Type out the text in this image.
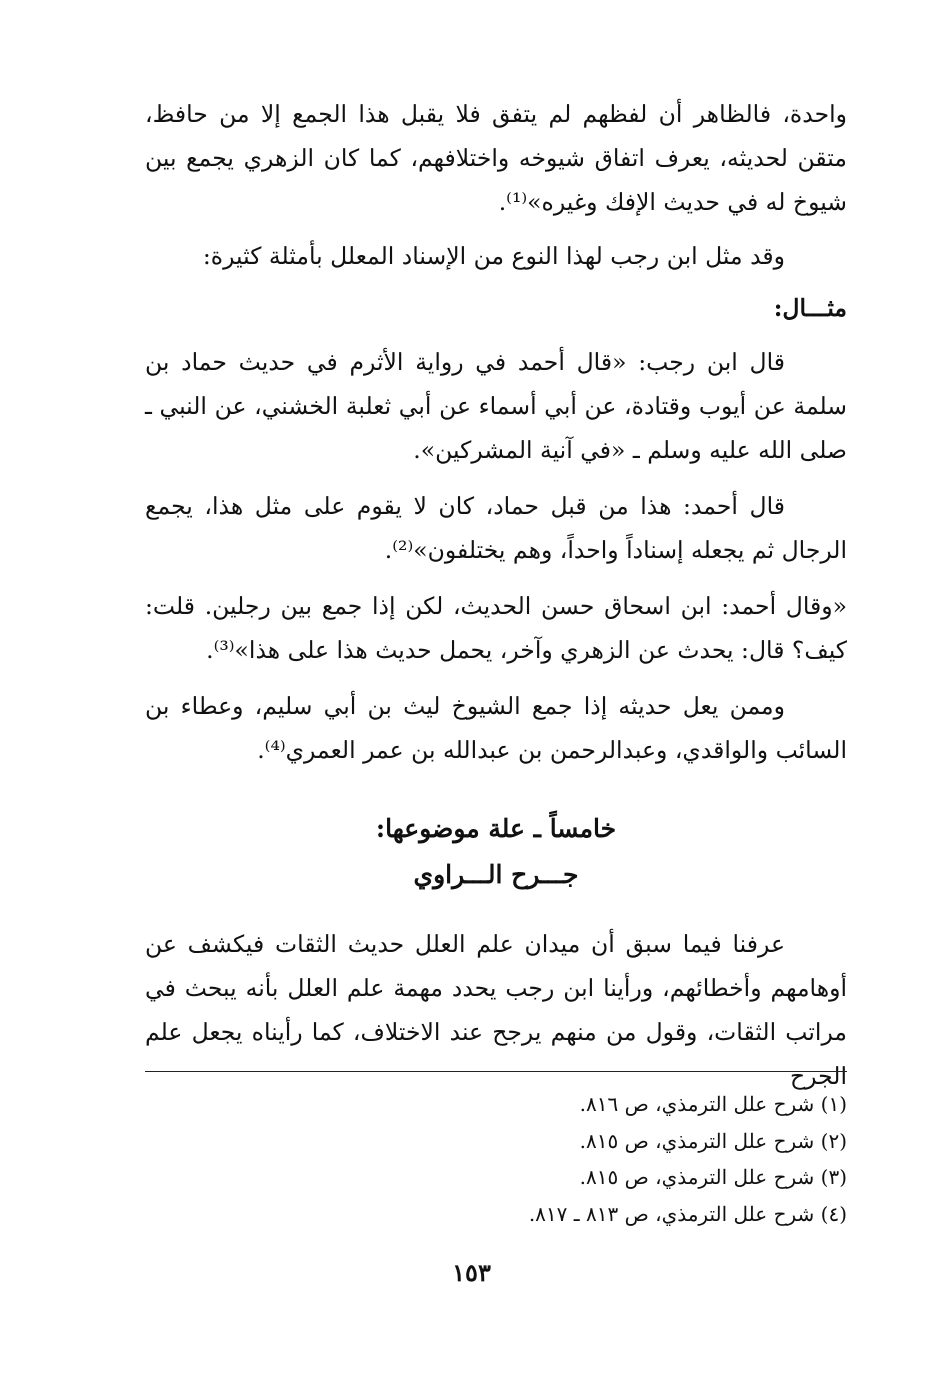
واحدة، فالظاهر أن لفظهم لم يتفق فلا يقبل هذا الجمع إلا من حافظ، متقن لحديثه، يعرف اتفاق شيوخه واختلافهم، كما كان الزهري يجمع بين شيوخ له في حديث الإفك وغيره»⁽¹⁾.

وقد مثل ابن رجب لهذا النوع من الإسناد المعلل بأمثلة كثيرة:

مثـــال:

قال ابن رجب: «قال أحمد في رواية الأثرم في حديث حماد بن سلمة عن أيوب وقتادة، عن أبي أسماء عن أبي ثعلبة الخشني، عن النبي ـ صلى الله عليه وسلم ـ «في آنية المشركين».

قال أحمد: هذا من قبل حماد، كان لا يقوم على مثل هذا، يجمع الرجال ثم يجعله إسناداً واحداً، وهم يختلفون»⁽²⁾.

«وقال أحمد: ابن اسحاق حسن الحديث، لكن إذا جمع بين رجلين. قلت: كيف؟ قال: يحدث عن الزهري وآخر، يحمل حديث هذا على هذا»⁽³⁾.

وممن يعل حديثه إذا جمع الشيوخ ليث بن أبي سليم، وعطاء بن السائب والواقدي، وعبدالرحمن بن عبدالله بن عمر العمري⁽⁴⁾.

خامساً ـ علة موضوعها:

جـــرح الـــراوي

عرفنا فيما سبق أن ميدان علم العلل حديث الثقات فيكشف عن أوهامهم وأخطائهم، ورأينا ابن رجب يحدد مهمة علم العلل بأنه يبحث في مراتب الثقات، وقول من منهم يرجح عند الاختلاف، كما رأيناه يجعل علم الجرح

(١) شرح علل الترمذي، ص ٨١٦.

(٢) شرح علل الترمذي، ص ٨١٥.

(٣) شرح علل الترمذي، ص ٨١٥.

(٤) شرح علل الترمذي، ص ٨١٣ ـ ٨١٧.

١٥٣
